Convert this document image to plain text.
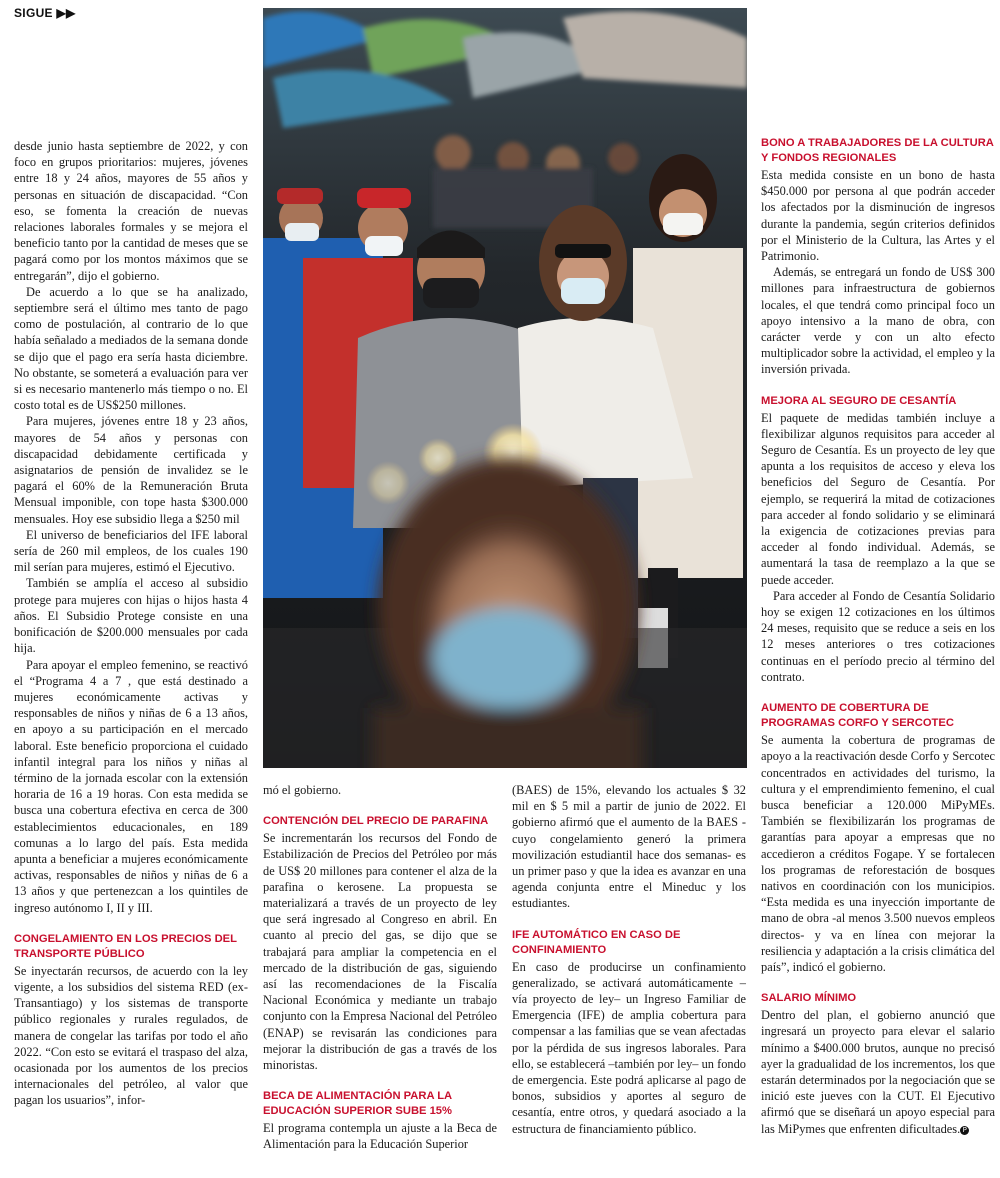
SIGUE ▶▶

desde junio hasta septiembre de 2022, y con foco en grupos prioritarios: mujeres, jóvenes entre 18 y 24 años, mayores de 55 años y personas en situación de discapacidad. “Con eso, se fomenta la creación de nuevas relaciones laborales formales y se mejora el beneficio tanto por la cantidad de meses que se pagará como por los montos máximos que se entregarán”, dijo el gobierno.

De acuerdo a lo que se ha analizado, septiembre será el último mes tanto de pago como de postulación, al contrario de lo que había señalado a mediados de la semana donde se dijo que el pago era sería hasta diciembre. No obstante, se someterá a evaluación para ver si es necesario mantenerlo más tiempo o no. El costo total es de US$250 millones.

Para mujeres, jóvenes entre 18 y 23 años, mayores de 54 años y personas con discapacidad debidamente certificada y asignatarios de pensión de invalidez se le pagará el 60% de la Remuneración Bruta Mensual imponible, con tope hasta $300.000 mensuales. Hoy ese subsidio llega a $250 mil

El universo de beneficiarios del IFE laboral sería de 260 mil empleos, de los cuales 190 mil serían para mujeres, estimó el Ejecutivo.

También se amplía el acceso al subsidio protege para mujeres con hijas o hijos hasta 4 años. El Subsidio Protege consiste en una bonificación de $200.000 mensuales por cada hija.

Para apoyar el empleo femenino, se reactivó el “Programa 4 a 7 , que está destinado a mujeres económicamente activas y responsables de niños y niñas de 6 a 13 años, en apoyo a su participación en el mercado laboral. Este beneficio proporciona el cuidado infantil integral para los niños y niñas al término de la jornada escolar con la extensión horaria de 16 a 19 horas. Con esta medida se busca una cobertura efectiva en cerca de 300 establecimientos educacionales, en 189 comunas a lo largo del país. Esta medida apunta a beneficiar a mujeres económicamente activas, responsables de niños y niñas de 6 a 13 años y que pertenezcan a los quintiles de ingreso autónomo I, II y III.

CONGELAMIENTO EN LOS PRECIOS DEL TRANSPORTE PÚBLICO

Se inyectarán recursos, de acuerdo con la ley vigente, a los subsidios del sistema RED (ex-Transantiago) y los sistemas de transporte público regionales y rurales regulados, de manera de congelar las tarifas por todo el año 2022. “Con esto se evitará el traspaso del alza, ocasionada por los aumentos de los precios internacionales del petróleo, al valor que pagan los usuarios”, infor-

mó el gobierno.

CONTENCIÓN DEL PRECIO DE PARAFINA

Se incrementarán los recursos del Fondo de Estabilización de Precios del Petróleo por más de US$ 20 millones para contener el alza de la parafina o kerosene. La propuesta se materializará a través de un proyecto de ley que será ingresado al Congreso en abril. En cuanto al precio del gas, se dijo que se trabajará para ampliar la competencia en el mercado de la distribución de gas, siguiendo así las recomendaciones de la Fiscalía Nacional Económica y mediante un trabajo conjunto con la Empresa Nacional del Petróleo (ENAP) se revisarán las condiciones para mejorar la distribución de gas a través de los minoristas.

BECA DE ALIMENTACIÓN PARA LA EDUCACIÓN SUPERIOR SUBE 15%

El programa contempla un ajuste a la Beca de Alimentación para la Educación Superior

(BAES) de 15%, elevando los actuales $ 32 mil en $ 5 mil a partir de junio de 2022. El gobierno afirmó que el aumento de la BAES -cuyo congelamiento generó la primera movilización estudiantil hace dos semanas- es un primer paso y que la idea es avanzar en una agenda conjunta entre el Mineduc y los estudiantes.

IFE AUTOMÁTICO EN CASO DE CONFINAMIENTO

En caso de producirse un confinamiento generalizado, se activará automáticamente –vía proyecto de ley– un Ingreso Familiar de Emergencia (IFE) de amplia cobertura para compensar a las familias que se vean afectadas por la pérdida de sus ingresos laborales. Para ello, se establecerá –también por ley– un fondo de emergencia. Este podrá aplicarse al pago de bonos, subsidios y aportes al seguro de cesantía, entre otros, y quedará asociado a la estructura de financiamiento público.

BONO A TRABAJADORES DE LA CULTURA Y FONDOS REGIONALES

Esta medida consiste en un bono de hasta $450.000 por persona al que podrán acceder los afectados por la disminución de ingresos durante la pandemia, según criterios definidos por el Ministerio de la Cultura, las Artes y el Patrimonio.

Además, se entregará un fondo de US$ 300 millones para infraestructura de gobiernos locales, el que tendrá como principal foco un apoyo intensivo a la mano de obra, con carácter verde y con un alto efecto multiplicador sobre la actividad, el empleo y la inversión privada.

MEJORA AL SEGURO DE CESANTÍA

El paquete de medidas también incluye a flexibilizar algunos requisitos para acceder al Seguro de Cesantía. Es un proyecto de ley que apunta a los requisitos de acceso y eleva los beneficios del Seguro de Cesantía. Por ejemplo, se requerirá la mitad de cotizaciones para acceder al fondo solidario y se eliminará la exigencia de cotizaciones previas para acceder al fondo individual. Además, se aumentará la tasa de reemplazo a la que se puede acceder.

Para acceder al Fondo de Cesantía Solidario hoy se exigen 12 cotizaciones en los últimos 24 meses, requisito que se reduce a seis en los 12 meses anteriores o tres cotizaciones continuas en el período precio al término del contrato.

AUMENTO DE COBERTURA DE PROGRAMAS CORFO Y SERCOTEC

Se aumenta la cobertura de programas de apoyo a la reactivación desde Corfo y Sercotec concentrados en actividades del turismo, la cultura y el emprendimiento femenino, el cual busca beneficiar a 120.000 MiPyMEs. También se flexibilizarán los programas de garantías para apoyar a empresas que no accedieron a créditos Fogape. Y se fortalecen los programas de reforestación de bosques nativos en coordinación con los municipios. “Esta medida es una inyección importante de mano de obra -al menos 3.500 nuevos empleos directos- y va en línea con mejorar la resiliencia y adaptación a la crisis climática del país”, indicó el gobierno.

SALARIO MÍNIMO

Dentro del plan, el gobierno anunció que ingresará un proyecto para elevar el salario mínimo a $400.000 brutos, aunque no precisó ayer la gradualidad de los incrementos, los que estarán determinados por la negociación que se inició este jueves con la CUT. El Ejecutivo afirmó que se diseñará un apoyo especial para las MiPymes que enfrenten dificultades. P
